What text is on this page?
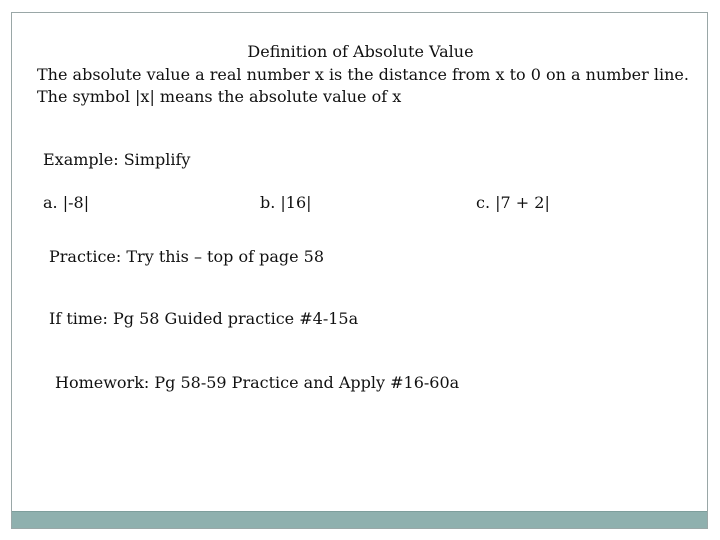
Definition of Absolute Value
The absolute value a real number x is the distance from x to 0 on a number line.
The symbol |x| means the absolute value of x
Example: Simplify
a. |-8|	b. |16|	c. |7 + 2|
Practice: Try this – top of page 58
If time: Pg 58 Guided practice #4-15a
Homework: Pg 58-59 Practice and Apply #16-60a
